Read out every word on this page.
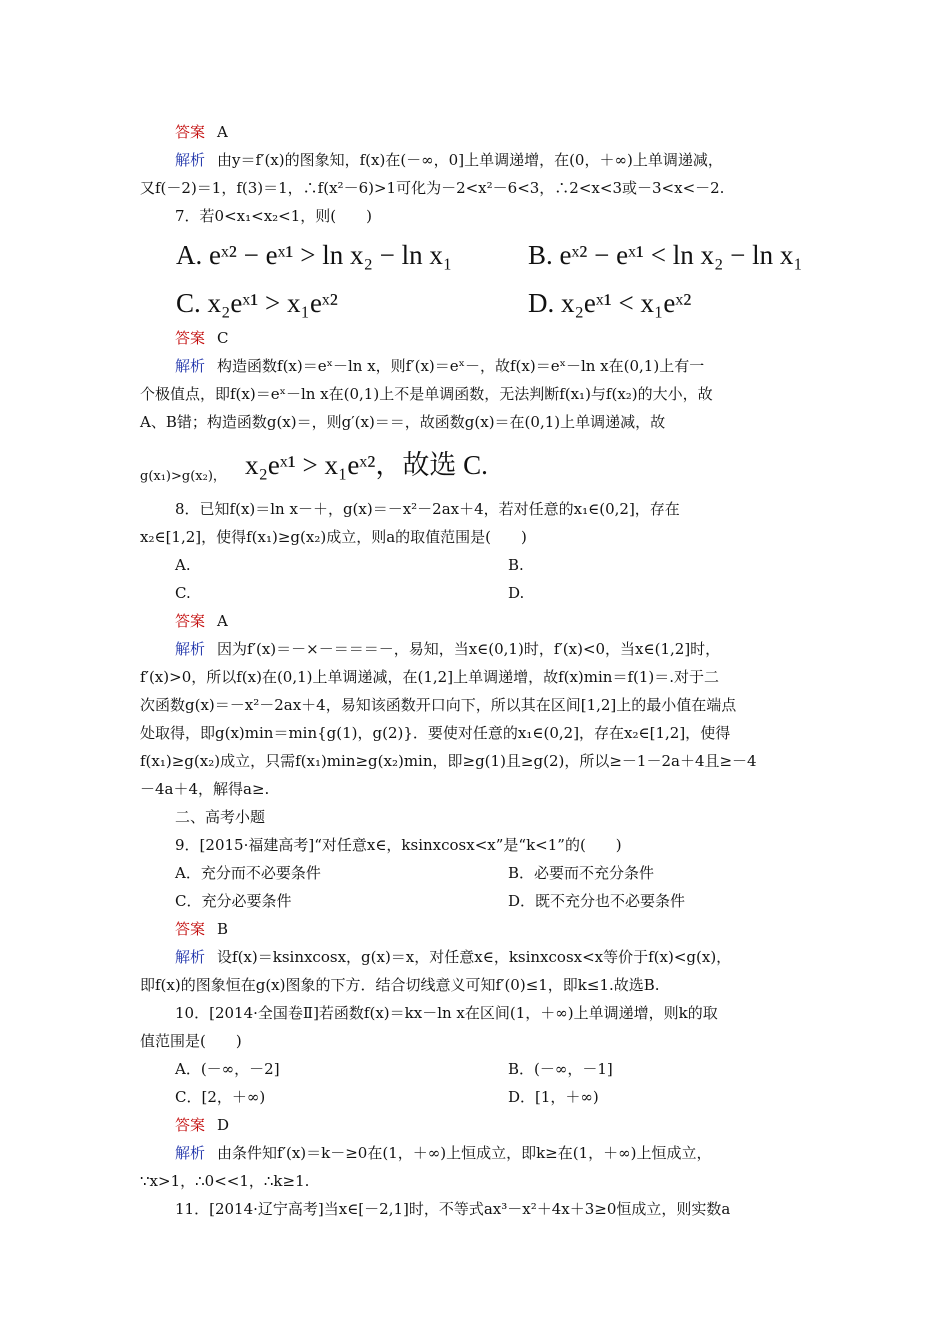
答案 A
解析 由y＝f′(x)的图象知，f(x)在(－∞，0]上单调递增，在(0，＋∞)上单调递减，
又f(－2)＝1，f(3)＝1，∴f(x²－6)>1可化为－2<x²－6<3，∴2<x<3或－3<x<－2.
7．若0<x₁<x₂<1，则(　　)
A. eˣ² − eˣ¹ > ln x₂ − ln x₁	B. eˣ² − eˣ¹ < ln x₂ − ln x₁
C. x₂eˣ¹ > x₁eˣ²	D. x₂eˣ¹ < x₁eˣ²
答案 C
解析 构造函数f(x)＝eˣ－ln x，则f′(x)＝eˣ－，故f(x)＝eˣ－ln x在(0,1)上有一
个极值点，即f(x)＝eˣ－ln x在(0,1)上不是单调函数，无法判断f(x₁)与f(x₂)的大小，故
A、B错；构造函数g(x)＝，则g′(x)＝＝，故函数g(x)＝在(0,1)上单调递减，故
g(x₁)>g(x₂)， x₂eˣ¹ > x₁eˣ²，故选 C.
8．已知f(x)＝ln x－＋，g(x)＝－x²－2ax＋4，若对任意的x₁∈(0,2]，存在
x₂∈[1,2]，使得f(x₁)≥g(x₂)成立，则a的取值范围是(　　)
A.	B.
C.	D.
答案 A
解析 因为f′(x)＝－×－＝＝＝－，易知，当x∈(0,1)时，f′(x)<0，当x∈(1,2]时，
f′(x)>0，所以f(x)在(0,1)上单调递减，在(1,2]上单调递增，故f(x)min＝f(1)＝.对于二
次函数g(x)＝－x²－2ax＋4，易知该函数开口向下，所以其在区间[1,2]上的最小值在端点
处取得，即g(x)min＝min{g(1)，g(2)}．要使对任意的x₁∈(0,2]，存在x₂∈[1,2]，使得
f(x₁)≥g(x₂)成立，只需f(x₁)min≥g(x₂)min，即≥g(1)且≥g(2)，所以≥－1－2a＋4且≥－4
－4a＋4，解得a≥.
二、高考小题
9．[2015·福建高考]“对任意x∈，ksinxcosx<x”是“k<1”的(　　)
A．充分而不必要条件	B．必要而不充分条件
C．充分必要条件	D．既不充分也不必要条件
答案 B
解析 设f(x)＝ksinxcosx，g(x)＝x，对任意x∈，ksinxcosx<x等价于f(x)<g(x)，
即f(x)的图象恒在g(x)图象的下方．结合切线意义可知f′(0)≤1，即k≤1.故选B.
10．[2014·全国卷Ⅱ]若函数f(x)＝kx－ln x在区间(1，＋∞)上单调递增，则k的取
值范围是(　　)
A．(－∞，－2]	B．(－∞，－1]
C．[2，＋∞)	D．[1，＋∞)
答案 D
解析 由条件知f′(x)＝k－≥0在(1，＋∞)上恒成立，即k≥在(1，＋∞)上恒成立，
∵x>1，∴0<<1，∴k≥1.
11．[2014·辽宁高考]当x∈[－2,1]时，不等式ax³－x²＋4x＋3≥0恒成立，则实数a
